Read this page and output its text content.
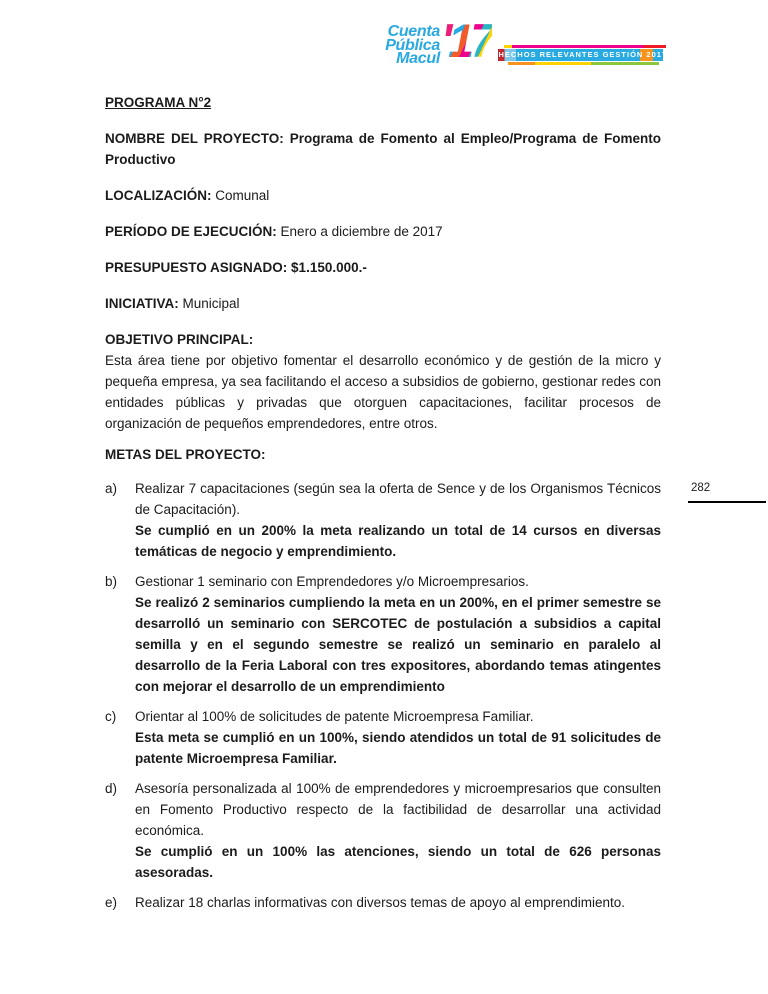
Cuenta
Pública
Macul '17 HECHOS RELEVANTES GESTIÓN 2017
282

PROGRAMA N°2

NOMBRE DEL PROYECTO: Programa de Fomento al Empleo/Programa de Fomento Productivo

LOCALIZACIÓN: Comunal

PERÍODO DE EJECUCIÓN: Enero a diciembre de 2017

PRESUPUESTO ASIGNADO: $1.150.000.-

INICIATIVA: Municipal

OBJETIVO PRINCIPAL:
Esta área tiene por objetivo fomentar el desarrollo económico y de gestión de la micro y pequeña empresa, ya sea facilitando el acceso a subsidios de gobierno, gestionar redes con entidades públicas y privadas que otorguen capacitaciones, facilitar procesos de organización de pequeños emprendedores, entre otros.

METAS DEL PROYECTO:

a)	Realizar 7 capacitaciones (según sea la oferta de Sence y de los Organismos Técnicos de Capacitación).
Se cumplió en un 200% la meta realizando un total de 14 cursos en diversas temáticas de negocio y emprendimiento.
b)	Gestionar 1 seminario con Emprendedores y/o Microempresarios.
Se realizó 2 seminarios cumpliendo la meta en un 200%, en el primer semestre se desarrolló un seminario con SERCOTEC de postulación a subsidios a capital semilla y en el segundo semestre se realizó un seminario en paralelo al desarrollo de la Feria Laboral con tres expositores, abordando temas atingentes con mejorar el desarrollo de un emprendimiento
c)	Orientar al 100% de solicitudes de patente Microempresa Familiar.
Esta meta se cumplió en un 100%, siendo atendidos un total de 91 solicitudes de patente Microempresa Familiar.
d)	Asesoría personalizada al 100% de emprendedores y microempresarios que consulten en Fomento Productivo respecto de la factibilidad de desarrollar una actividad económica.
Se cumplió en un 100% las atenciones, siendo un total de 626 personas asesoradas.
e)	Realizar 18 charlas informativas con diversos temas de apoyo al emprendimiento.
